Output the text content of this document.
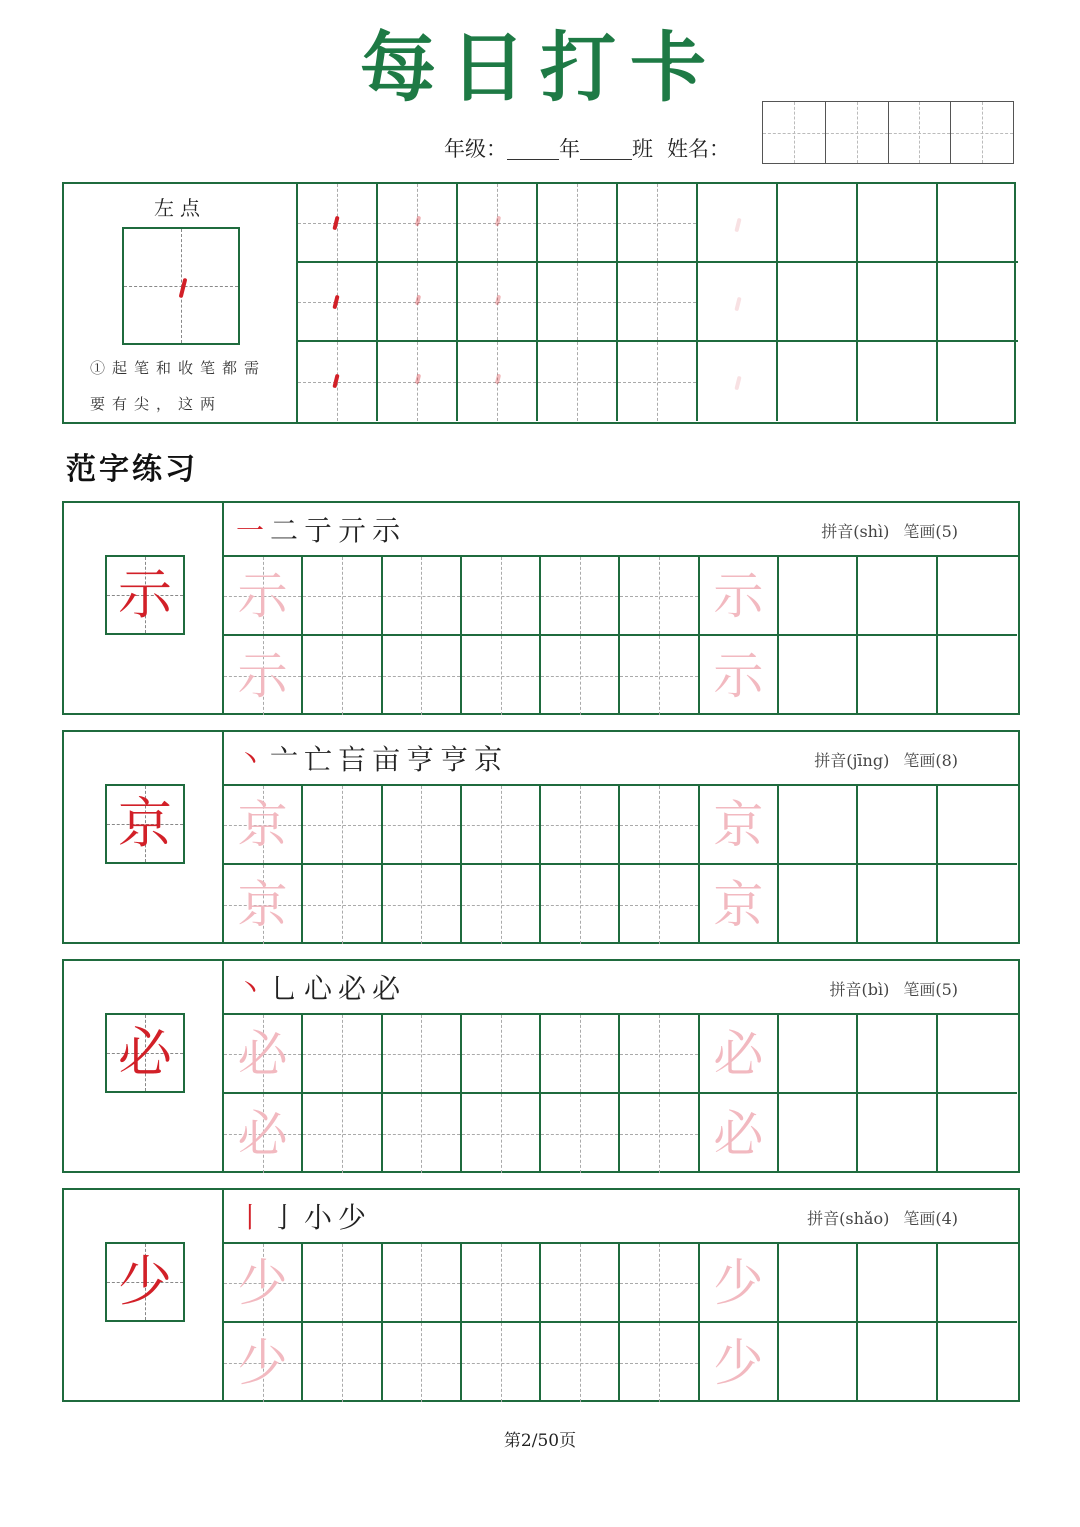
每日打卡
年级： 年 班 姓名：
左点
①起笔和收笔都需要有尖，这两
范字练习
示
一 二 亍 亓 示	拼音(shì) 笔画(5)
示	示
示	示
京
丶 亠 亡 吂 亩 亨 亨 京	拼音(jīng) 笔画(8)
京	京
京	京
必
丶 乚 心 必 必	拼音(bì) 笔画(5)
必	必
必	必
少
丨 亅 小 少	拼音(shǎo) 笔画(4)
少	少
少	少
第2/50页
